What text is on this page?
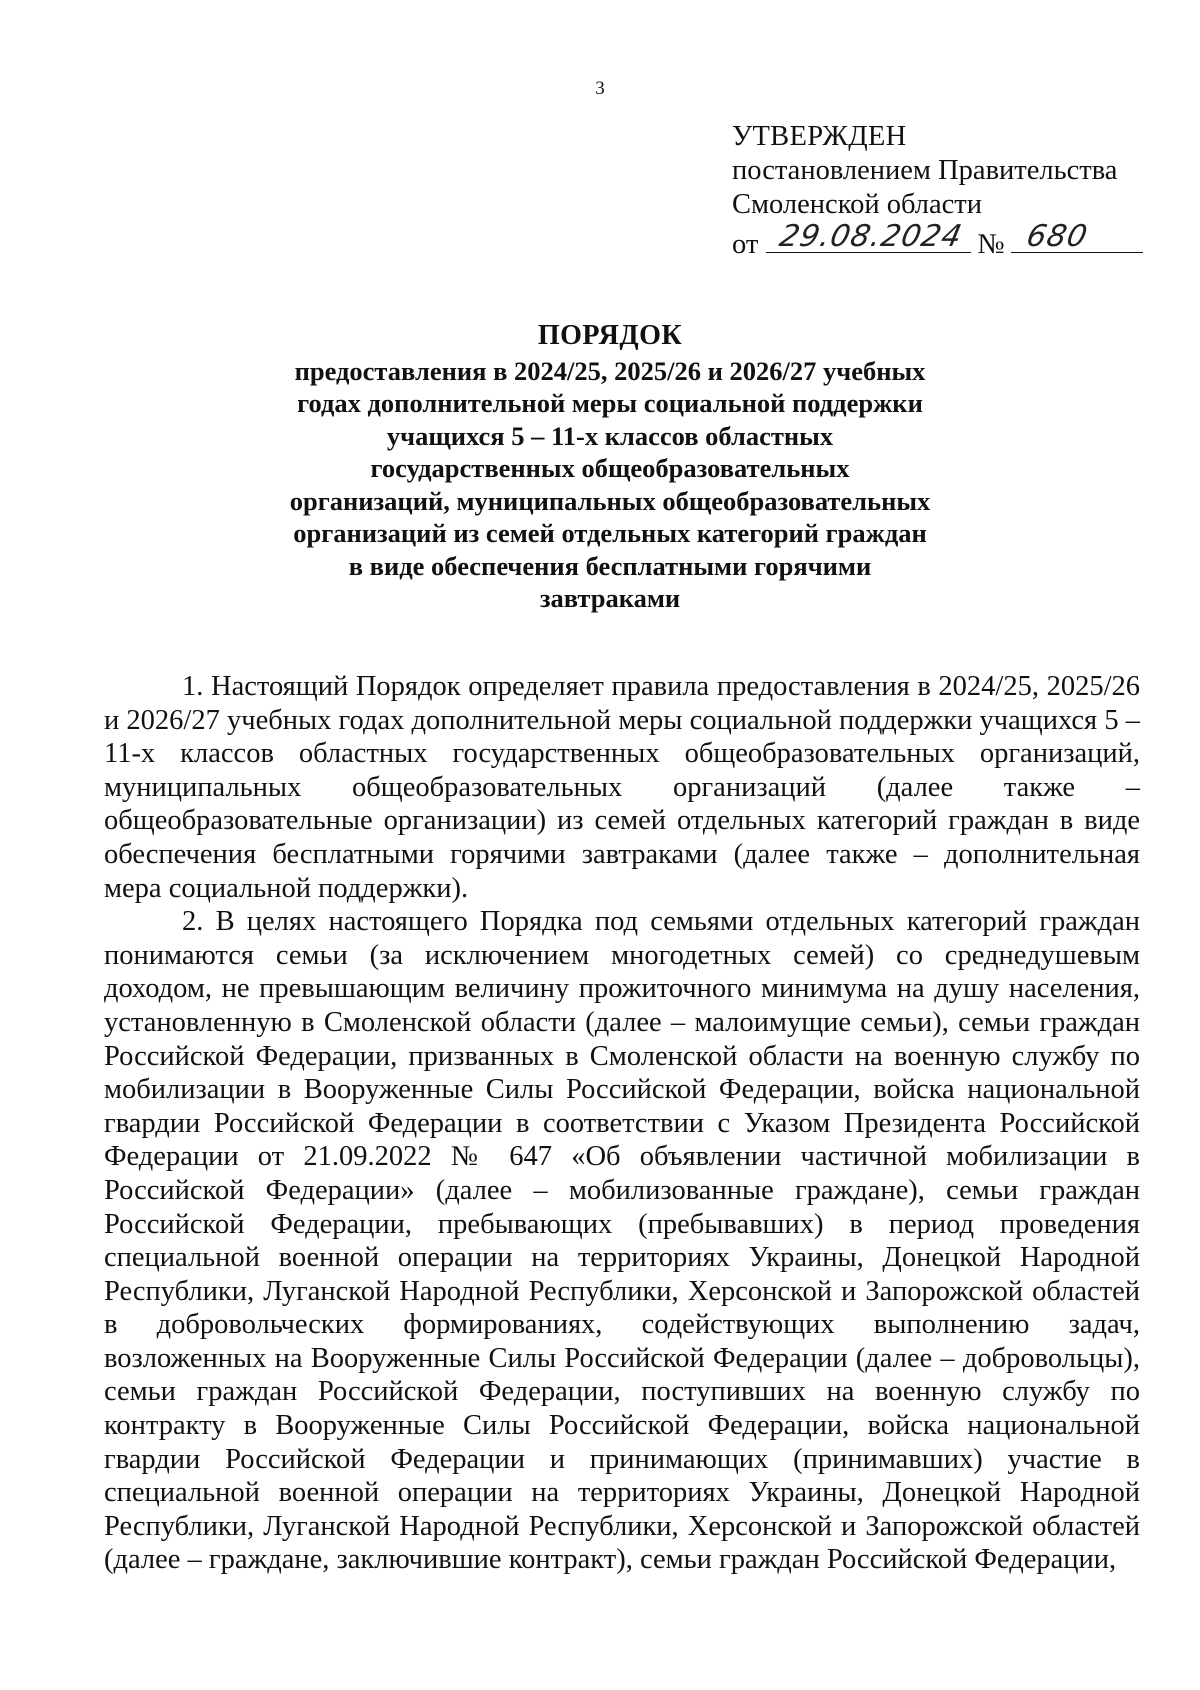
3
УТВЕРЖДЕН
постановлением Правительства
Смоленской области
от 29.08.2024 № 680
ПОРЯДОК
предоставления в 2024/25, 2025/26 и 2026/27 учебных
годах дополнительной меры социальной поддержки
учащихся 5 – 11-х классов областных
государственных общеобразовательных
организаций, муниципальных общеобразовательных
организаций из семей отдельных категорий граждан
в виде обеспечения бесплатными горячими
завтраками

1. Настоящий Порядок определяет правила предоставления в 2024/25, 2025/26 и 2026/27 учебных годах дополнительной меры социальной поддержки учащихся 5 – 11-х классов областных государственных общеобразовательных организаций, муниципальных общеобразовательных организаций (далее также – общеобразовательные организации) из семей отдельных категорий граждан в виде обеспечения бесплатными горячими завтраками (далее также – дополнительная мера социальной поддержки).

2. В целях настоящего Порядка под семьями отдельных категорий граждан понимаются семьи (за исключением многодетных семей) со среднедушевым доходом, не превышающим величину прожиточного минимума на душу населения, установленную в Смоленской области (далее – малоимущие семьи), семьи граждан Российской Федерации, призванных в Смоленской области на военную службу по мобилизации в Вооруженные Силы Российской Федерации, войска национальной гвардии Российской Федерации в соответствии с Указом Президента Российской Федерации от 21.09.2022 № 647 «Об объявлении частичной мобилизации в Российской Федерации» (далее – мобилизованные граждане), семьи граждан Российской Федерации, пребывающих (пребывавших) в период проведения специальной военной операции на территориях Украины, Донецкой Народной Республики, Луганской Народной Республики, Херсонской и Запорожской областей в добровольческих формированиях, содействующих выполнению задач, возложенных на Вооруженные Силы Российской Федерации (далее – добровольцы), семьи граждан Российской Федерации, поступивших на военную службу по контракту в Вооруженные Силы Российской Федерации, войска национальной гвардии Российской Федерации и принимающих (принимавших) участие в специальной военной операции на территориях Украины, Донецкой Народной Республики, Луганской Народной Республики, Херсонской и Запорожской областей (далее – граждане, заключившие контракт), семьи граждан Российской Федерации,
